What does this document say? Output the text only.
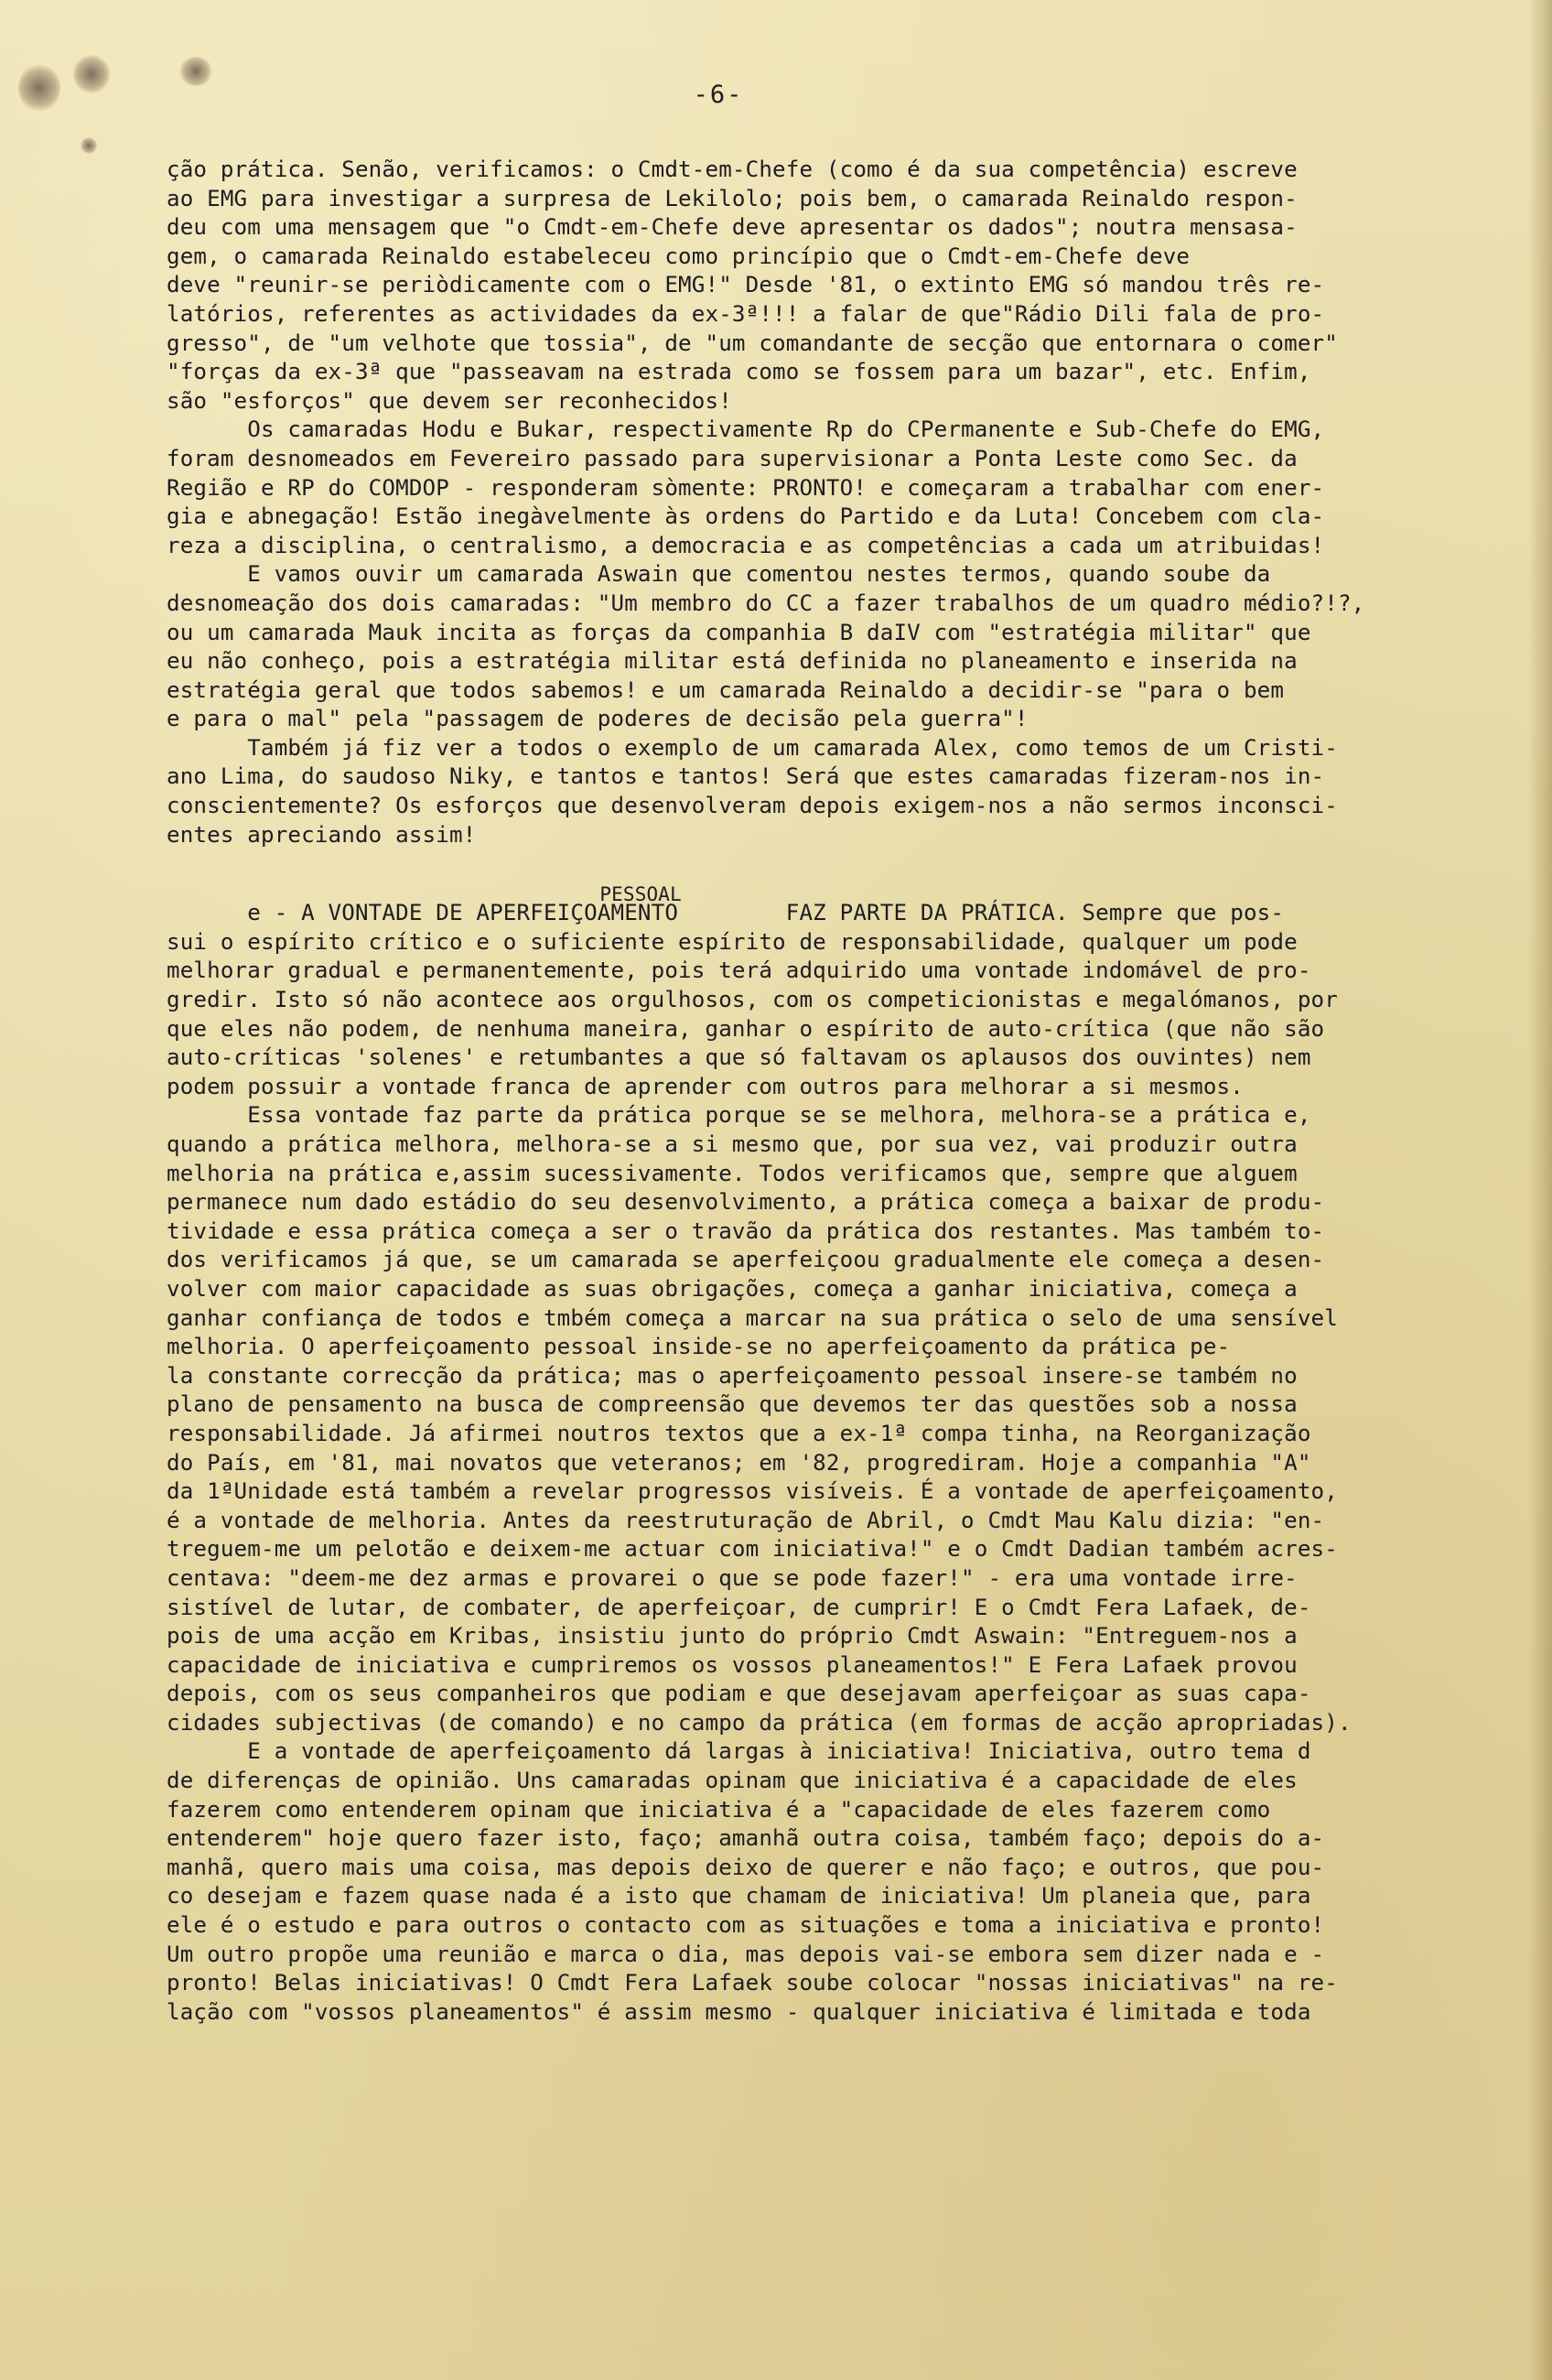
-6-
ção prática. Senão, verificamos: o Cmdt-em-Chefe (como é da sua competência) escreve
ao EMG para investigar a surpresa de Lekilolo; pois bem, o camarada Reinaldo respon-
deu com uma mensagem que "o Cmdt-em-Chefe deve apresentar os dados"; noutra mensasa-
gem, o camarada Reinaldo estabeleceu como princípio que o Cmdt-em-Chefe deve
deve "reunir-se periòdicamente com o EMG!" Desde '81, o extinto EMG só mandou três re-
latórios, referentes as actividades da ex-3ª!!! a falar de que"Rádio Dili fala de pro-
gresso", de "um velhote que tossia", de "um comandante de secção que entornara o comer"
"forças da ex-3ª que "passeavam na estrada como se fossem para um bazar", etc. Enfim,
são "esforços" que devem ser reconhecidos!
Os camaradas Hodu e Bukar, respectivamente Rp do CPermanente e Sub-Chefe do EMG,
foram desnomeados em Fevereiro passado para supervisionar a Ponta Leste como Sec. da
Região e RP do COMDOP - responderam sòmente: PRONTO! e começaram a trabalhar com ener-
gia e abnegação! Estão inegàvelmente às ordens do Partido e da Luta! Concebem com cla-
reza a disciplina, o centralismo, a democracia e as competências a cada um atribuidas!
E vamos ouvir um camarada Aswain que comentou nestes termos, quando soube da
desnomeação dos dois camaradas: "Um membro do CC a fazer trabalhos de um quadro médio?!?,
ou um camarada Mauk incita as forças da companhia B daIV com "estratégia militar" que
eu não conheço, pois a estratégia militar está definida no planeamento e inserida na
estratégia geral que todos sabemos! e um camarada Reinaldo a decidir-se "para o bem
e para o mal" pela "passagem de poderes de decisão pela guerra"!
Também já fiz ver a todos o exemplo de um camarada Alex, como temos de um Cristi-
ano Lima, do saudoso Niky, e tantos e tantos! Será que estes camaradas fizeram-nos in-
conscientemente? Os esforços que desenvolveram depois exigem-nos a não sermos inconsci-
entes apreciando assim!
PESSOAL
e - A VONTADE DE APERFEIÇOAMENTO        FAZ PARTE DA PRÁTICA. Sempre que pos-
sui o espírito crítico e o suficiente espírito de responsabilidade, qualquer um pode
melhorar gradual e permanentemente, pois terá adquirido uma vontade indomável de pro-
gredir. Isto só não acontece aos orgulhosos, com os competicionistas e megalómanos, por
que eles não podem, de nenhuma maneira, ganhar o espírito de auto-crítica (que não são
auto-críticas 'solenes' e retumbantes a que só faltavam os aplausos dos ouvintes) nem
podem possuir a vontade franca de aprender com outros para melhorar a si mesmos.
Essa vontade faz parte da prática porque se se melhora, melhora-se a prática e,
quando a prática melhora, melhora-se a si mesmo que, por sua vez, vai produzir outra
melhoria na prática e,assim sucessivamente. Todos verificamos que, sempre que alguem
permanece num dado estádio do seu desenvolvimento, a prática começa a baixar de produ-
tividade e essa prática começa a ser o travão da prática dos restantes. Mas também to-
dos verificamos já que, se um camarada se aperfeiçoou gradualmente ele começa a desen-
volver com maior capacidade as suas obrigações, começa a ganhar iniciativa, começa a
ganhar confiança de todos e tmbém começa a marcar na sua prática o selo de uma sensível
melhoria. O aperfeiçoamento pessoal inside-se no aperfeiçoamento da prática pe-
la constante correcção da prática; mas o aperfeiçoamento pessoal insere-se também no
plano de pensamento na busca de compreensão que devemos ter das questões sob a nossa
responsabilidade. Já afirmei noutros textos que a ex-1ª compa tinha, na Reorganização
do País, em '81, mai novatos que veteranos; em '82, progrediram. Hoje a companhia "A"
da 1ªUnidade está também a revelar progressos visíveis. É a vontade de aperfeiçoamento,
é a vontade de melhoria. Antes da reestruturação de Abril, o Cmdt Mau Kalu dizia: "en-
treguem-me um pelotão e deixem-me actuar com iniciativa!" e o Cmdt Dadian também acres-
centava: "deem-me dez armas e provarei o que se pode fazer!" - era uma vontade irre-
sistível de lutar, de combater, de aperfeiçoar, de cumprir! E o Cmdt Fera Lafaek, de-
pois de uma acção em Kribas, insistiu junto do próprio Cmdt Aswain: "Entreguem-nos a
capacidade de iniciativa e cumpriremos os vossos planeamentos!" E Fera Lafaek provou
depois, com os seus companheiros que podiam e que desejavam aperfeiçoar as suas capa-
cidades subjectivas (de comando) e no campo da prática (em formas de acção apropriadas).
E a vontade de aperfeiçoamento dá largas à iniciativa! Iniciativa, outro tema d
de diferenças de opinião. Uns camaradas opinam que iniciativa é a capacidade de eles
fazerem como entenderem opinam que iniciativa é a "capacidade de eles fazerem como
entenderem" hoje quero fazer isto, faço; amanhã outra coisa, também faço; depois do a-
manhã, quero mais uma coisa, mas depois deixo de querer e não faço; e outros, que pou-
co desejam e fazem quase nada é a isto que chamam de iniciativa! Um planeia que, para
ele é o estudo e para outros o contacto com as situações e toma a iniciativa e pronto!
Um outro propõe uma reunião e marca o dia, mas depois vai-se embora sem dizer nada e -
pronto! Belas iniciativas! O Cmdt Fera Lafaek soube colocar "nossas iniciativas" na re-
lação com "vossos planeamentos" é assim mesmo - qualquer iniciativa é limitada e toda
